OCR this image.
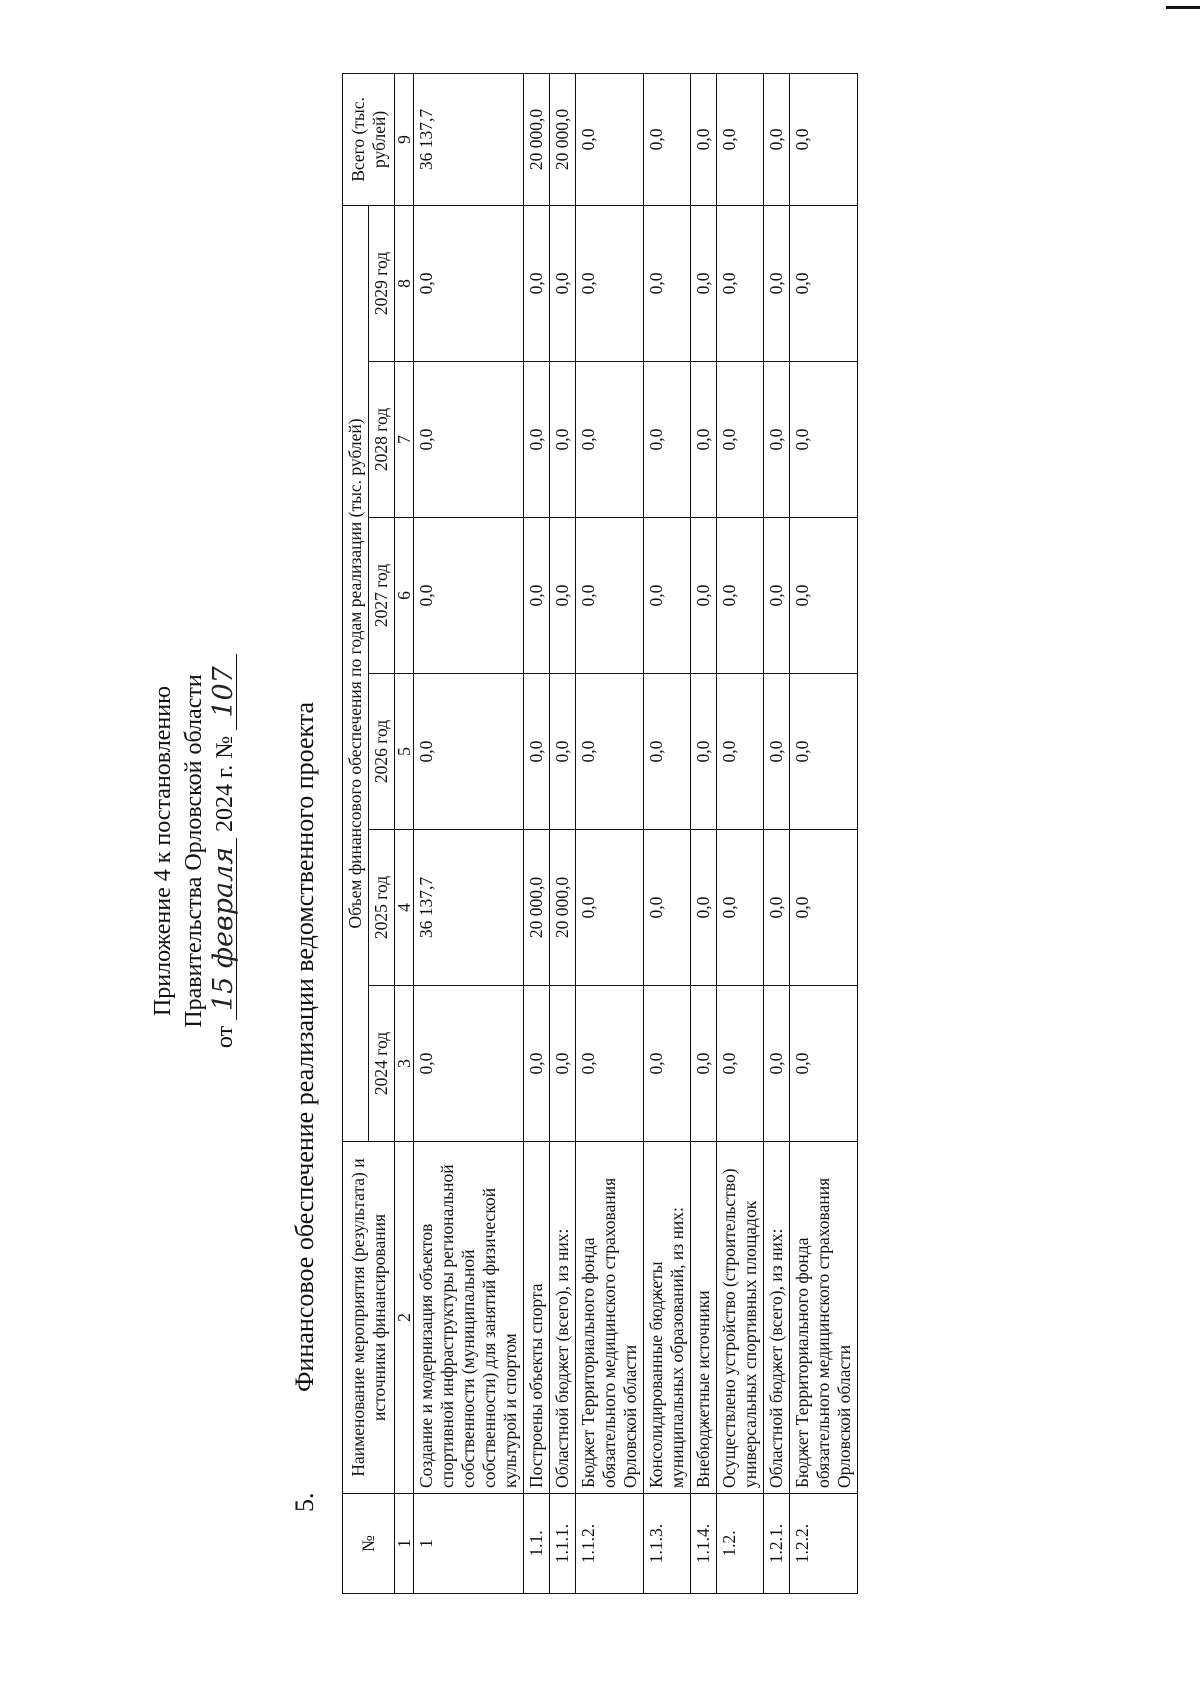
Приложение 4 к постановлению Правительства Орловской области
от 15 февраля 2024 г. № 107
5.
Финансовое обеспечение реализации ведомственного проекта
№	Наименование мероприятия (результата) и источники финансирования	Объем финансового обеспечения по годам реализации (тыс. рублей)						Всего (тыс. рублей)
		2024 год	2025 год	2026 год	2027 год	2028 год	2029 год	
1	2	3	4	5	6	7	8	9
1	Создание и модернизация объектов спортивной инфраструктуры региональной собственности (муниципальной собственности) для занятий физической культурой и спортом	0,0	36 137,7	0,0	0,0	0,0	0,0	36 137,7
1.1.	Построены объекты спорта	0,0	20 000,0	0,0	0,0	0,0	0,0	20 000,0
1.1.1.	Областной бюджет (всего), из них:	0,0	20 000,0	0,0	0,0	0,0	0,0	20 000,0
1.1.2.	Бюджет Территориального фонда обязательного медицинского страхования Орловской области	0,0	0,0	0,0	0,0	0,0	0,0	0,0
1.1.3.	Консолидированные бюджеты муниципальных образований, из них:	0,0	0,0	0,0	0,0	0,0	0,0	0,0
1.1.4.	Внебюджетные источники	0,0	0,0	0,0	0,0	0,0	0,0	0,0
1.2.	Осуществлено устройство (строительство) универсальных спортивных площадок	0,0	0,0	0,0	0,0	0,0	0,0	0,0
1.2.1.	Областной бюджет (всего), из них:	0,0	0,0	0,0	0,0	0,0	0,0	0,0
1.2.2.	Бюджет Территориального фонда обязательного медицинского страхования Орловской области	0,0	0,0	0,0	0,0	0,0	0,0	0,0
